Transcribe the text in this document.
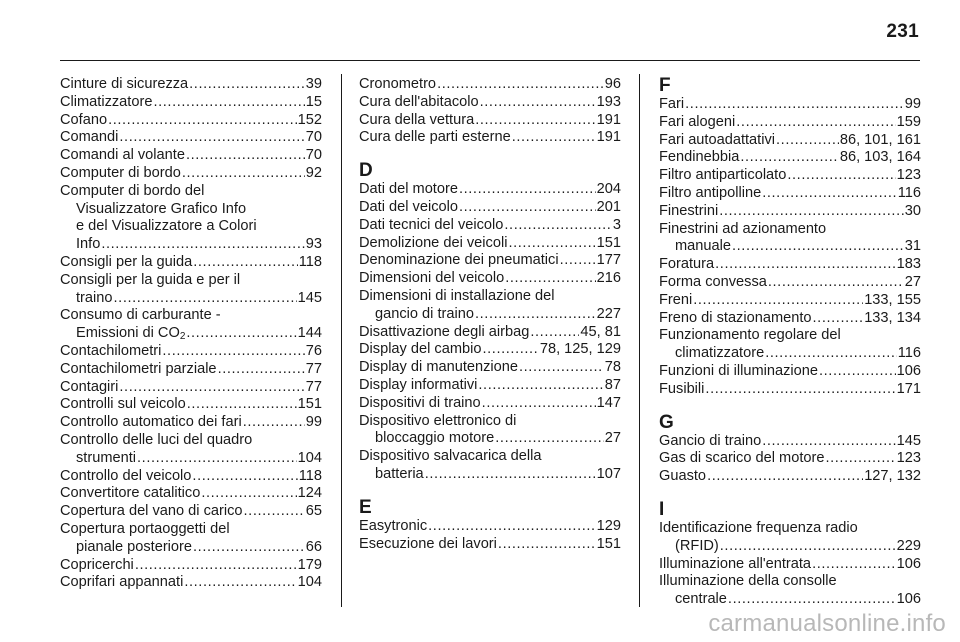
231
Cinture di sicurezza .....	39
Climatizzatore .....	15
Cofano .....	152
Comandi .....	70
Comandi al volante .....	70
Computer di bordo .....	92
Computer di bordo del
Visualizzatore Grafico Info
e del Visualizzatore a Colori
Info .....	93
Consigli per la guida .....	118
Consigli per la guida e per il
traino .....	145
Consumo di carburante -
Emissioni di $CO_2$ .....	144
Contachilometri .....	76
Contachilometri parziale .....	77
Contagiri .....	77
Controlli sul veicolo .....	151
Controllo automatico dei fari .....	99
Controllo delle luci del quadro
strumenti .....	104
Controllo del veicolo .....	118
Convertitore catalitico .....	124
Copertura del vano di carico .....	65
Copertura portaoggetti del
pianale posteriore .....	66
Copricerchi .....	179
Coprifari appannati .....	104
Cronometro .....	96
Cura dell'abitacolo .....	193
Cura della vettura .....	191
Cura delle parti esterne .....	191
D
Dati del motore .....	204
Dati del veicolo .....	201
Dati tecnici del veicolo .....	3
Demolizione dei veicoli .....	151
Denominazione dei pneumatici .....	177
Dimensioni del veicolo .....	216
Dimensioni di installazione del
gancio di traino .....	227
Disattivazione degli airbag .....	45, 81
Display del cambio .....	78, 125, 129
Display di manutenzione .....	78
Display informativi .....	87
Dispositivi di traino .....	147
Dispositivo elettronico di
bloccaggio motore .....	27
Dispositivo salvacarica della
batteria .....	107
E
Easytronic .....	129
Esecuzione dei lavori .....	151
F
Fari .....	99
Fari alogeni .....	159
Fari autoadattativi .....	86, 101, 161
Fendinebbia .....	86, 103, 164
Filtro antiparticolato .....	123
Filtro antipolline .....	116
Finestrini .....	30
Finestrini ad azionamento
manuale .....	31
Foratura .....	183
Forma convessa .....	27
Freni .....	133, 155
Freno di stazionamento .....	133, 134
Funzionamento regolare del
climatizzatore .....	116
Funzioni di illuminazione .....	106
Fusibili .....	171
G
Gancio di traino .....	145
Gas di scarico del motore .....	123
Guasto .....	127, 132
I
Identificazione frequenza radio
(RFID) .....	229
Illuminazione all'entrata .....	106
Illuminazione della consolle
centrale .....	106
carmanualsonline.info
